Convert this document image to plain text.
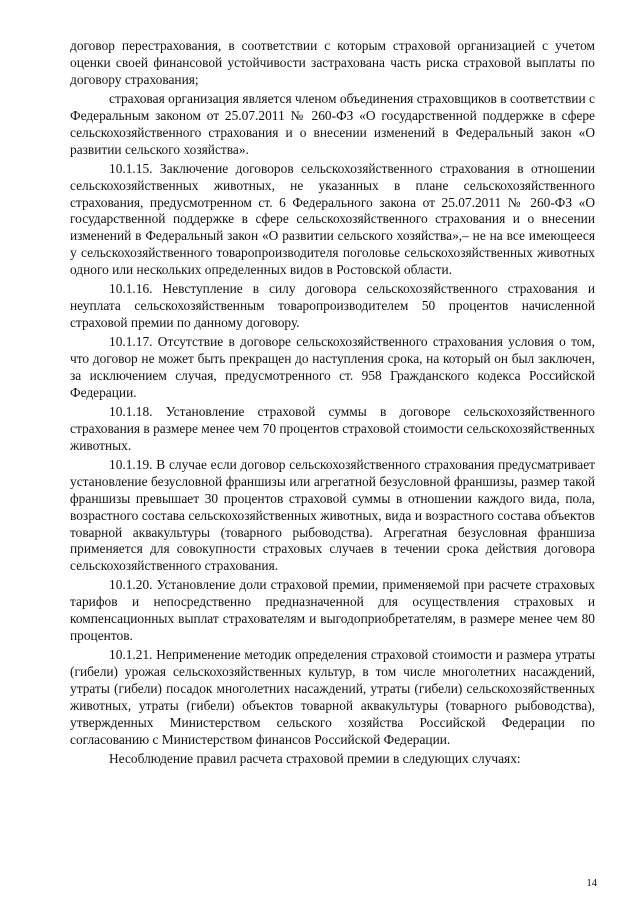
договор перестрахования, в соответствии с которым страховой организацией с учетом оценки своей финансовой устойчивости застрахована часть риска страховой выплаты по договору страхования;

страховая организация является членом объединения страховщиков в соответствии с Федеральным законом от 25.07.2011 № 260-ФЗ «О государственной поддержке в сфере сельскохозяйственного страхования и о внесении изменений в Федеральный закон «О развитии сельского хозяйства».

10.1.15. Заключение договоров сельскохозяйственного страхования в отношении сельскохозяйственных животных, не указанных в плане сельскохозяйственного страхования, предусмотренном ст. 6 Федерального закона от 25.07.2011 № 260-ФЗ «О государственной поддержке в сфере сельскохозяйственного страхования и о внесении изменений в Федеральный закон «О развитии сельского хозяйства»,– не на все имеющееся у сельскохозяйственного товаропроизводителя поголовье сельскохозяйственных животных одного или нескольких определенных видов в Ростовской области.

10.1.16. Невступление в силу договора сельскохозяйственного страхования и неуплата сельскохозяйственным товаропроизводителем 50 процентов начисленной страховой премии по данному договору.

10.1.17. Отсутствие в договоре сельскохозяйственного страхования условия о том, что договор не может быть прекращен до наступления срока, на который он был заключен, за исключением случая, предусмотренного ст. 958 Гражданского кодекса Российской Федерации.

10.1.18. Установление страховой суммы в договоре сельскохозяйственного страхования в размере менее чем 70 процентов страховой стоимости сельскохозяйственных животных.

10.1.19. В случае если договор сельскохозяйственного страхования предусматривает установление безусловной франшизы или агрегатной безусловной франшизы, размер такой франшизы превышает 30 процентов страховой суммы в отношении каждого вида, пола, возрастного состава сельскохозяйственных животных, вида и возрастного состава объектов товарной аквакультуры (товарного рыбоводства). Агрегатная безусловная франшиза применяется для совокупности страховых случаев в течении срока действия договора сельскохозяйственного страхования.

10.1.20. Установление доли страховой премии, применяемой при расчете страховых тарифов и непосредственно предназначенной для осуществления страховых и компенсационных выплат страхователям и выгодоприобретателям, в размере менее чем 80 процентов.

10.1.21. Неприменение методик определения страховой стоимости и размера утраты (гибели) урожая сельскохозяйственных культур, в том числе многолетних насаждений, утраты (гибели) посадок многолетних насаждений, утраты (гибели) сельскохозяйственных животных, утраты (гибели) объектов товарной аквакультуры (товарного рыбоводства), утвержденных Министерством сельского хозяйства Российской Федерации по согласованию с Министерством финансов Российской Федерации.

Несоблюдение правил расчета страховой премии в следующих случаях:

14
